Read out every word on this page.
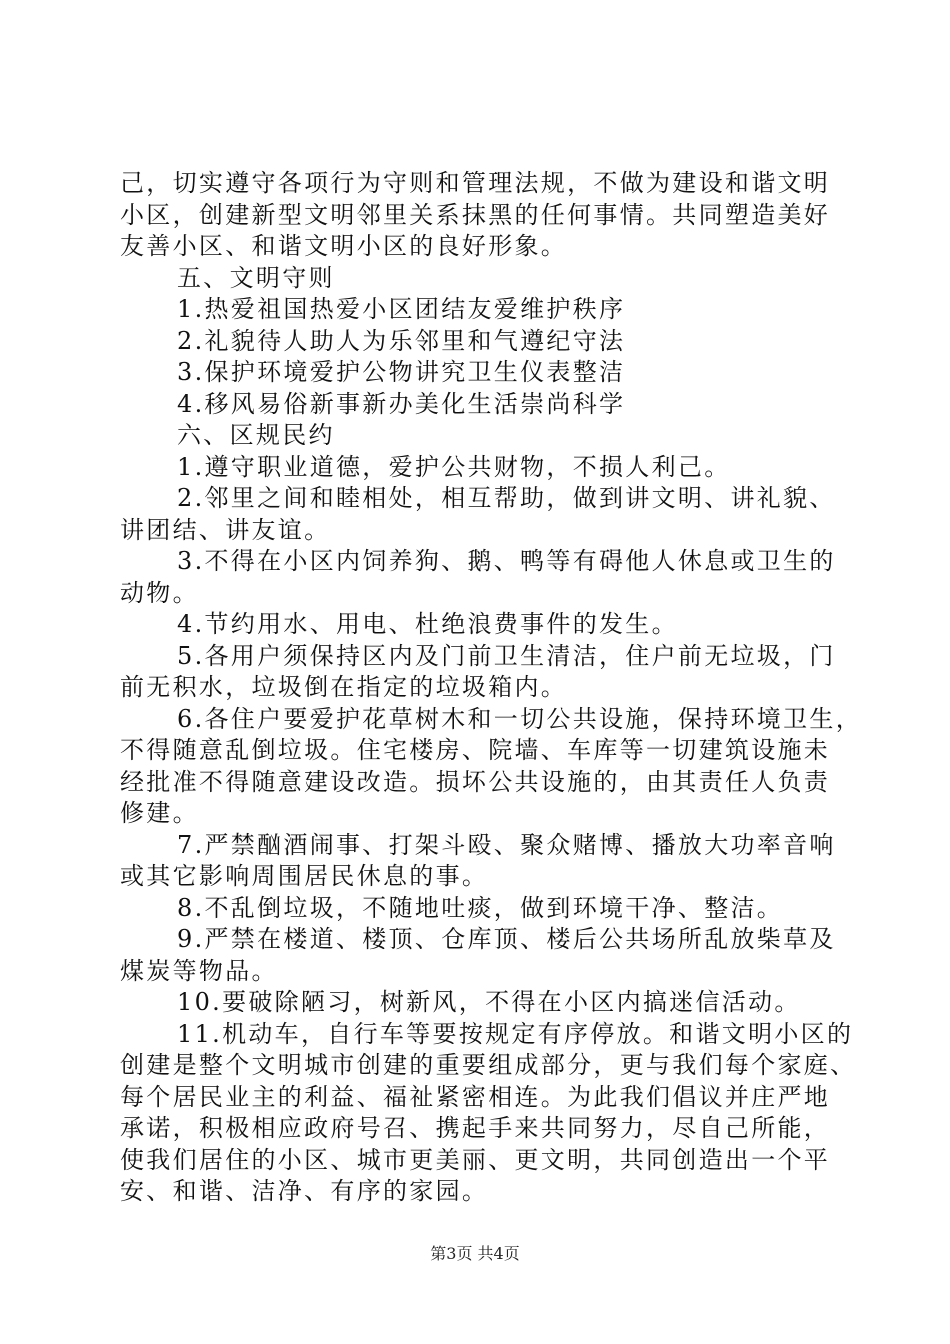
己，切实遵守各项行为守则和管理法规，不做为建设和谐文明
小区，创建新型文明邻里关系抹黑的任何事情。共同塑造美好
友善小区、和谐文明小区的良好形象。
五、文明守则
1.热爱祖国热爱小区团结友爱维护秩序
2.礼貌待人助人为乐邻里和气遵纪守法
3.保护环境爱护公物讲究卫生仪表整洁
4.移风易俗新事新办美化生活崇尚科学
六、区规民约
1.遵守职业道德，爱护公共财物，不损人利己。
2.邻里之间和睦相处，相互帮助，做到讲文明、讲礼貌、
讲团结、讲友谊。
3.不得在小区内饲养狗、鹅、鸭等有碍他人休息或卫生的
动物。
4.节约用水、用电、杜绝浪费事件的发生。
5.各用户须保持区内及门前卫生清洁，住户前无垃圾，门
前无积水，垃圾倒在指定的垃圾箱内。
6.各住户要爱护花草树木和一切公共设施，保持环境卫生，
不得随意乱倒垃圾。住宅楼房、院墙、车库等一切建筑设施未
经批准不得随意建设改造。损坏公共设施的，由其责任人负责
修建。
7.严禁酗酒闹事、打架斗殴、聚众赌博、播放大功率音响
或其它影响周围居民休息的事。
8.不乱倒垃圾，不随地吐痰，做到环境干净、整洁。
9.严禁在楼道、楼顶、仓库顶、楼后公共场所乱放柴草及
煤炭等物品。
10.要破除陋习，树新风，不得在小区内搞迷信活动。
11.机动车，自行车等要按规定有序停放。和谐文明小区的
创建是整个文明城市创建的重要组成部分，更与我们每个家庭、
每个居民业主的利益、福祉紧密相连。为此我们倡议并庄严地
承诺，积极相应政府号召、携起手来共同努力，尽自己所能，
使我们居住的小区、城市更美丽、更文明，共同创造出一个平
安、和谐、洁净、有序的家园。
第3页 共4页
